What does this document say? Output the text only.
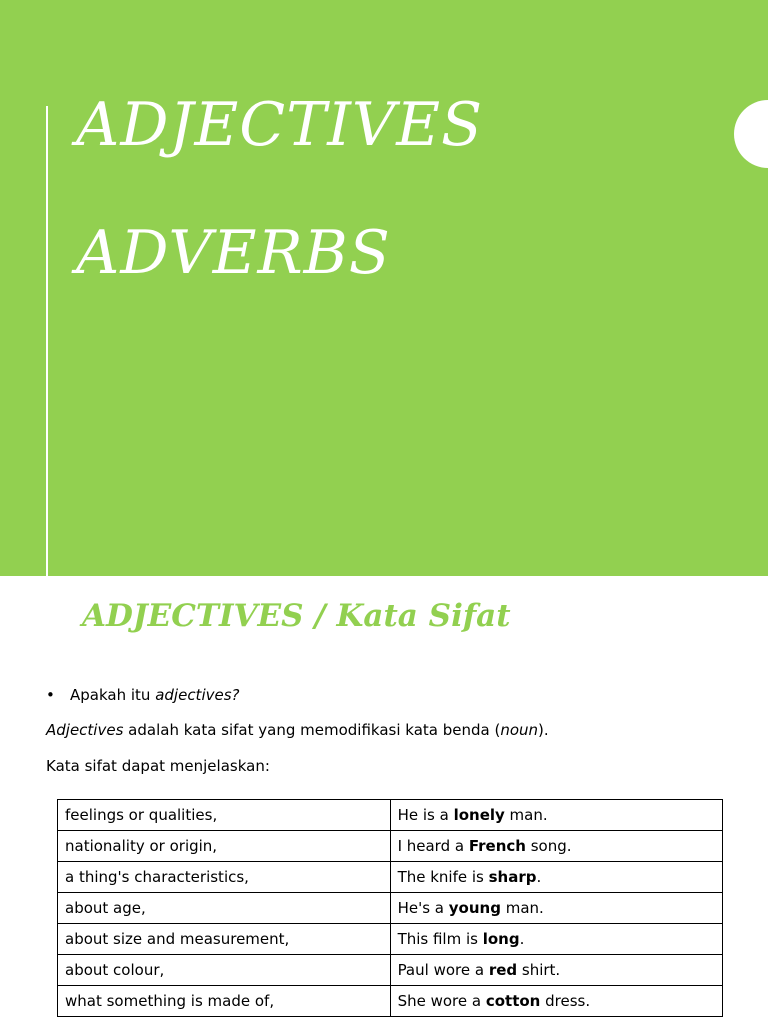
ADJECTIVES
ADVERBS
ADJECTIVES / Kata Sifat
• Apakah itu adjectives?
Adjectives adalah kata sifat yang memodifikasi kata benda (noun).
Kata sifat dapat menjelaskan:
feelings or qualities,	He is a lonely man.
nationality or origin,	I heard a French song.
a thing's characteristics,	The knife is sharp.
about age,	He's a young man.
about size and measurement,	This film is long.
about colour,	Paul wore a red shirt.
what something is made of,	She wore a cotton dress.
